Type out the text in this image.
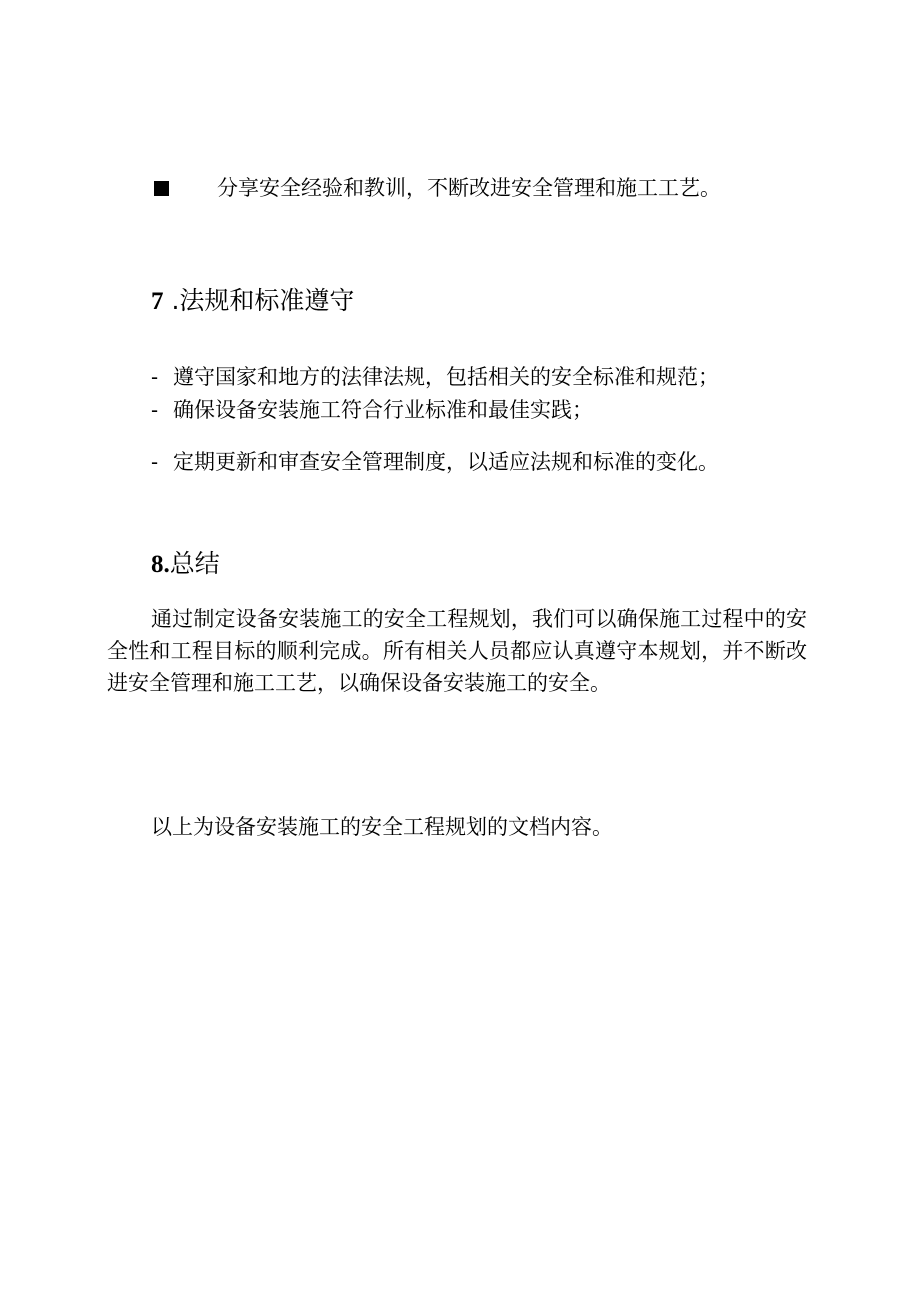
分享安全经验和教训，不断改进安全管理和施工工艺。
7 .法规和标准遵守
- 遵守国家和地方的法律法规，包括相关的安全标准和规范；
- 确保设备安装施工符合行业标准和最佳实践；
- 定期更新和审查安全管理制度，以适应法规和标准的变化。
8.总结
通过制定设备安装施工的安全工程规划，我们可以确保施工过程中的安全性和工程目标的顺利完成。所有相关人员都应认真遵守本规划，并不断改进安全管理和施工工艺，以确保设备安装施工的安全。
以上为设备安装施工的安全工程规划的文档内容。
